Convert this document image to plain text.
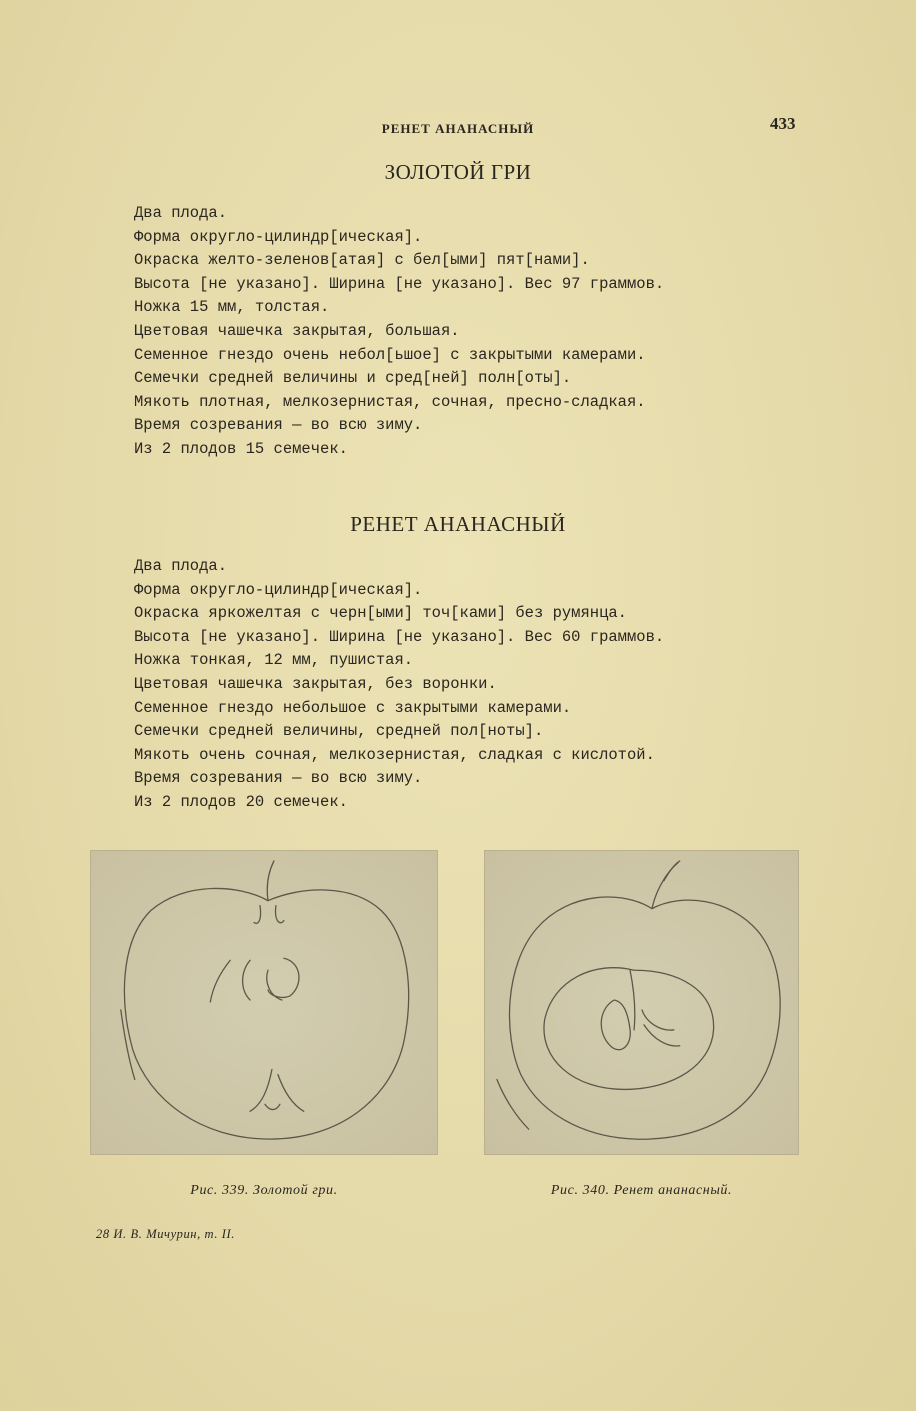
РЕНЕТ АНАНАСНЫЙ	433
ЗОЛОТОЙ ГРИ
Два плода.
Форма округло-цилиндр[ическая].
Окраска желто-зеленов[атая] с бел[ыми] пят[нами].
Высота [не указано]. Ширина [не указано]. Вес 97 граммов.
Ножка 15 мм, толстая.
Цветовая чашечка закрытая, большая.
Семенное гнездо очень небол[ьшое] с закрытыми камерами.
Семечки средней величины и сред[ней] полн[оты].
Мякоть плотная, мелкозернистая, сочная, пресно-сладкая.
Время созревания — во всю зиму.
Из 2 плодов 15 семечек.
РЕНЕТ АНАНАСНЫЙ
Два плода.
Форма округло-цилиндр[ическая].
Окраска яркожелтая с черн[ыми] точ[ками] без румянца.
Высота [не указано]. Ширина [не указано]. Вес 60 граммов.
Ножка тонкая, 12 мм, пушистая.
Цветовая чашечка закрытая, без воронки.
Семенное гнездо небольшое с закрытыми камерами.
Семечки средней величины, средней пол[ноты].
Мякоть очень сочная, мелкозернистая, сладкая с кислотой.
Время созревания — во всю зиму.
Из 2 плодов 20 семечек.
Рис. 339. Золотой гри.	Рис. 340. Ренет ананасный.
28 И. В. Мичурин, т. II.
